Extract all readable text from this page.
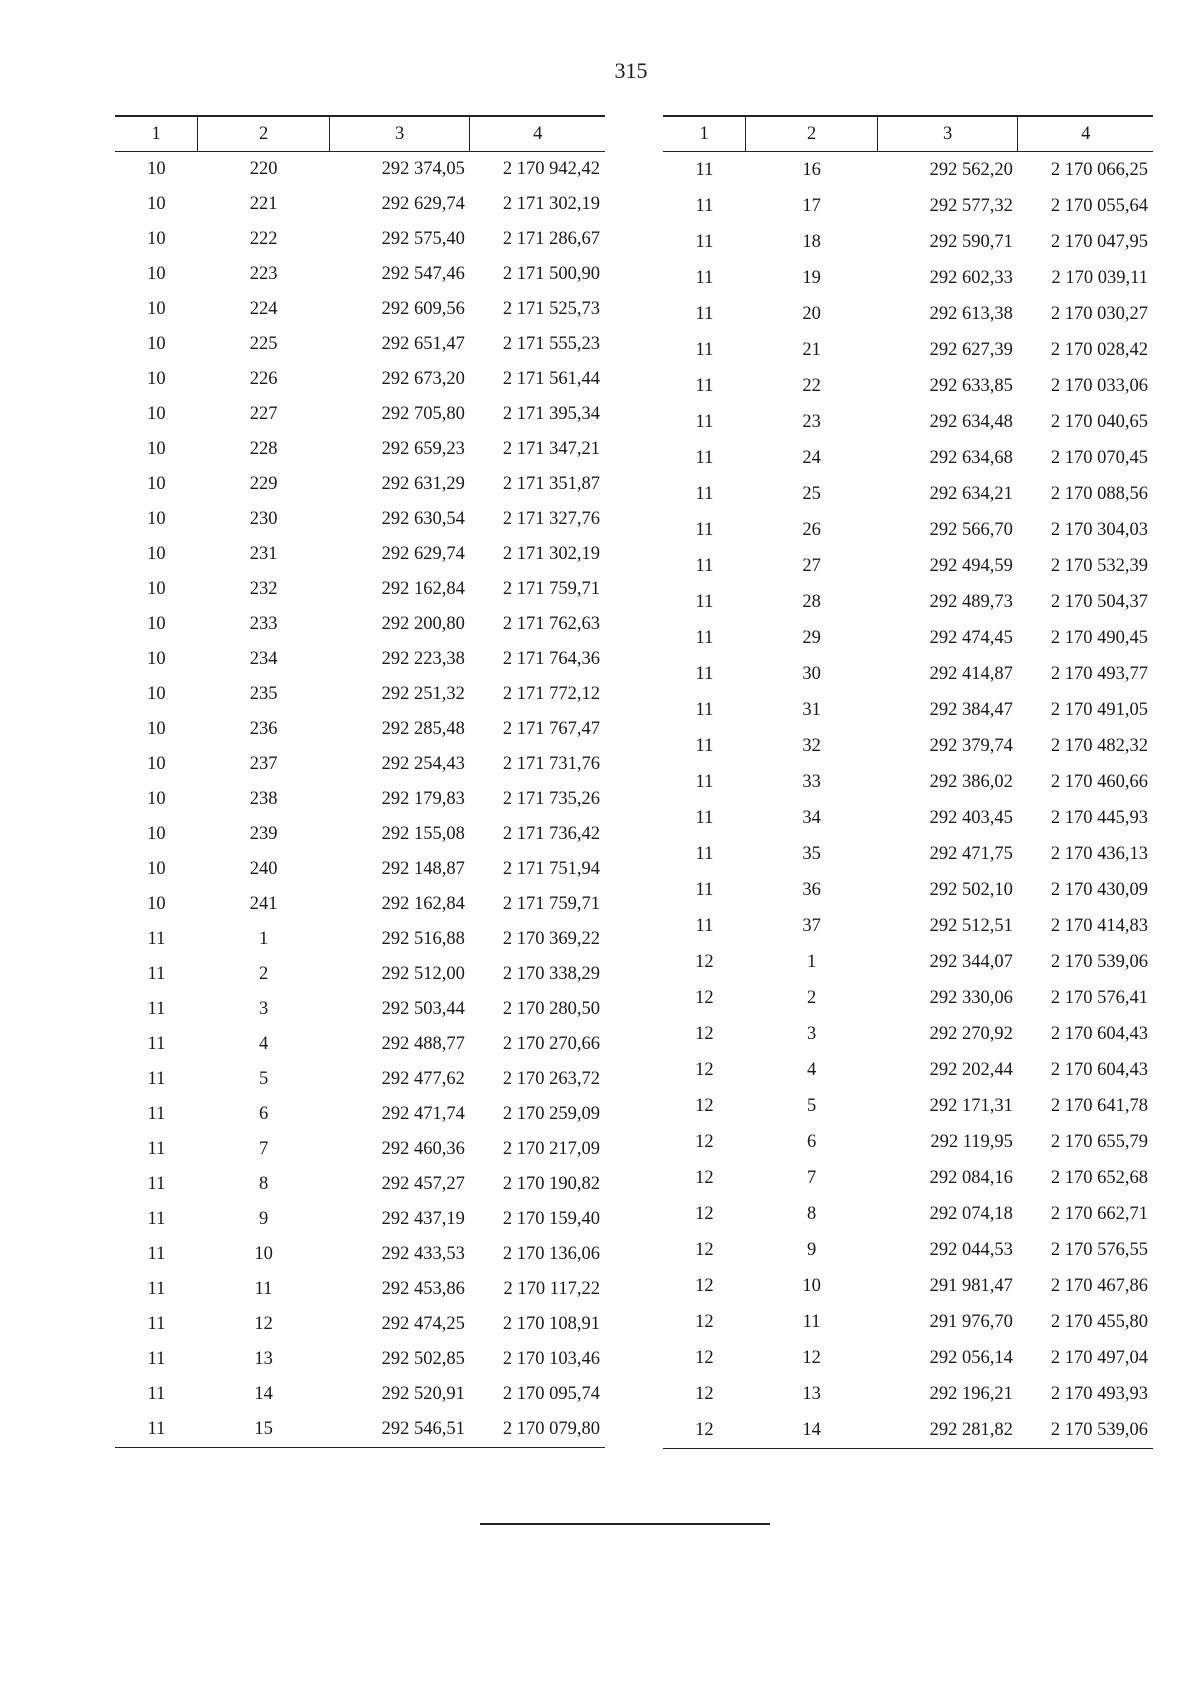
315
1	2	3	4
10	220	292 374,05	2 170 942,42
10	221	292 629,74	2 171 302,19
10	222	292 575,40	2 171 286,67
10	223	292 547,46	2 171 500,90
10	224	292 609,56	2 171 525,73
10	225	292 651,47	2 171 555,23
10	226	292 673,20	2 171 561,44
10	227	292 705,80	2 171 395,34
10	228	292 659,23	2 171 347,21
10	229	292 631,29	2 171 351,87
10	230	292 630,54	2 171 327,76
10	231	292 629,74	2 171 302,19
10	232	292 162,84	2 171 759,71
10	233	292 200,80	2 171 762,63
10	234	292 223,38	2 171 764,36
10	235	292 251,32	2 171 772,12
10	236	292 285,48	2 171 767,47
10	237	292 254,43	2 171 731,76
10	238	292 179,83	2 171 735,26
10	239	292 155,08	2 171 736,42
10	240	292 148,87	2 171 751,94
10	241	292 162,84	2 171 759,71
11	1	292 516,88	2 170 369,22
11	2	292 512,00	2 170 338,29
11	3	292 503,44	2 170 280,50
11	4	292 488,77	2 170 270,66
11	5	292 477,62	2 170 263,72
11	6	292 471,74	2 170 259,09
11	7	292 460,36	2 170 217,09
11	8	292 457,27	2 170 190,82
11	9	292 437,19	2 170 159,40
11	10	292 433,53	2 170 136,06
11	11	292 453,86	2 170 117,22
11	12	292 474,25	2 170 108,91
11	13	292 502,85	2 170 103,46
11	14	292 520,91	2 170 095,74
11	15	292 546,51	2 170 079,80
1	2	3	4
11	16	292 562,20	2 170 066,25
11	17	292 577,32	2 170 055,64
11	18	292 590,71	2 170 047,95
11	19	292 602,33	2 170 039,11
11	20	292 613,38	2 170 030,27
11	21	292 627,39	2 170 028,42
11	22	292 633,85	2 170 033,06
11	23	292 634,48	2 170 040,65
11	24	292 634,68	2 170 070,45
11	25	292 634,21	2 170 088,56
11	26	292 566,70	2 170 304,03
11	27	292 494,59	2 170 532,39
11	28	292 489,73	2 170 504,37
11	29	292 474,45	2 170 490,45
11	30	292 414,87	2 170 493,77
11	31	292 384,47	2 170 491,05
11	32	292 379,74	2 170 482,32
11	33	292 386,02	2 170 460,66
11	34	292 403,45	2 170 445,93
11	35	292 471,75	2 170 436,13
11	36	292 502,10	2 170 430,09
11	37	292 512,51	2 170 414,83
12	1	292 344,07	2 170 539,06
12	2	292 330,06	2 170 576,41
12	3	292 270,92	2 170 604,43
12	4	292 202,44	2 170 604,43
12	5	292 171,31	2 170 641,78
12	6	292 119,95	2 170 655,79
12	7	292 084,16	2 170 652,68
12	8	292 074,18	2 170 662,71
12	9	292 044,53	2 170 576,55
12	10	291 981,47	2 170 467,86
12	11	291 976,70	2 170 455,80
12	12	292 056,14	2 170 497,04
12	13	292 196,21	2 170 493,93
12	14	292 281,82	2 170 539,06
